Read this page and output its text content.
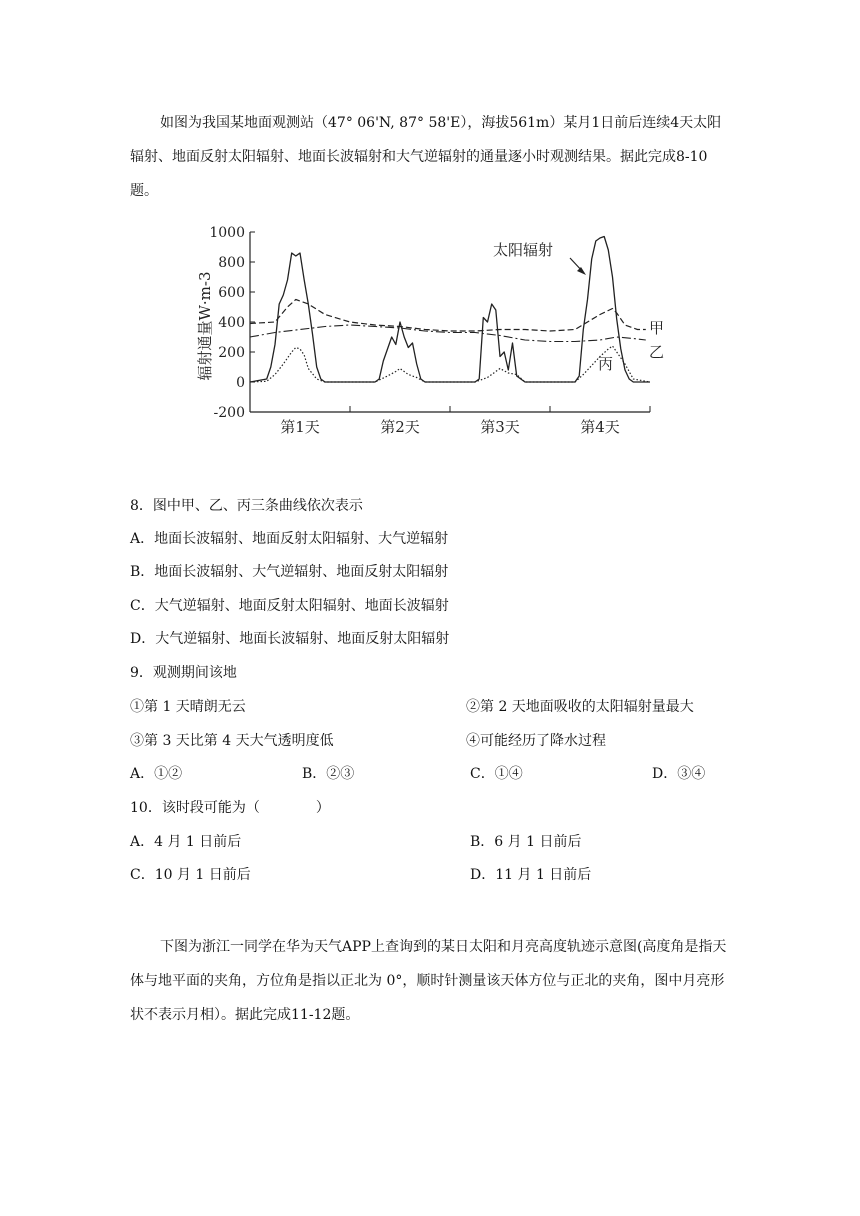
如图为我国某地面观测站（47° 06'N, 87° 58'E），海拔561m）某月1日前后连续4天太阳辐射、地面反射太阳辐射、地面长波辐射和大气逆辐射的通量逐小时观测结果。据此完成8-10题。

1000
800
600
400
200
0
-200
第1天	第2天	第3天	第4天
辐射通量W·m-3
太阳辐射
甲
乙
丙

8．图中甲、乙、丙三条曲线依次表示

A．地面长波辐射、地面反射太阳辐射、大气逆辐射

B．地面长波辐射、大气逆辐射、地面反射太阳辐射

C．大气逆辐射、地面反射太阳辐射、地面长波辐射

D．大气逆辐射、地面长波辐射、地面反射太阳辐射

9．观测期间该地

①第 1 天晴朗无云	②第 2 天地面吸收的太阳辐射量最大

③第 3 天比第 4 天大气透明度低	④可能经历了降水过程

A．①②	B．②③	C．①④	D．③④

10．该时段可能为（　　　　）

A．4 月 1 日前后	B．6 月 1 日前后

C．10 月 1 日前后	D．11 月 1 日前后

下图为浙江一同学在华为天气APP上查询到的某日太阳和月亮高度轨迹示意图(高度角是指天体与地平面的夹角，方位角是指以正北为 0°，顺时针测量该天体方位与正北的夹角，图中月亮形状不表示月相）。据此完成11-12题。
